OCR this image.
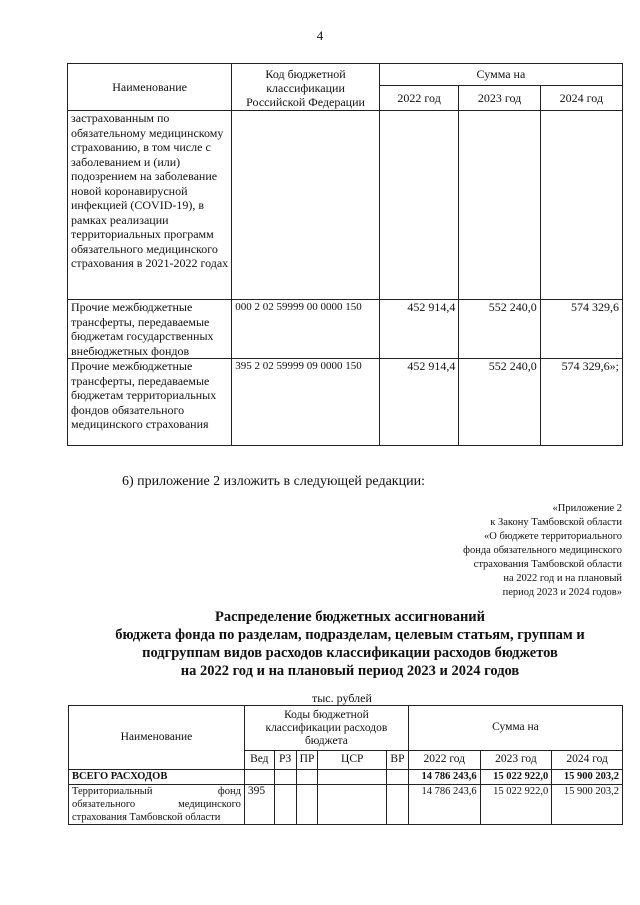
4
Наименование	Код бюджетной классификации Российской Федерации	Сумма на		
		2022 год	2023 год	2024 год
застрахованным по обязательному медицинскому страхованию, в том числе с заболеванием и (или) подозрением на заболевание новой коронавирусной инфекцией (COVID-19), в рамках реализации территориальных программ обязательного медицинского страхования в 2021-2022 годах				
Прочие межбюджетные трансферты, передаваемые бюджетам государственных внебюджетных фондов	000 2 02 59999 00 0000 150	452 914,4	552 240,0	574 329,6
Прочие межбюджетные трансферты, передаваемые бюджетам территориальных фондов обязательного медицинского страхования	395 2 02 59999 09 0000 150	452 914,4	552 240,0	574 329,6»;
6) приложение 2 изложить в следующей редакции:
«Приложение 2
к Закону Тамбовской области
«О бюджете территориального
фонда обязательного медицинского
страхования Тамбовской области
на 2022 год и на плановый
период 2023 и 2024 годов»
Распределение бюджетных ассигнований
бюджета фонда по разделам, подразделам, целевым статьям, группам и
подгруппам видов расходов классификации расходов бюджетов
на 2022 год и на плановый период 2023 и 2024 годов
тыс. рублей
Наименование	Коды бюджетной классификации расходов бюджета					Сумма на		
	Вед	РЗ	ПР	ЦСР	ВР	2022 год	2023 год	2024 год
ВСЕГО РАСХОДОВ						14 786 243,6	15 022 922,0	15 900 203,2
Территориальный фонд обязательного медицинского страхования Тамбовской области	395					14 786 243,6	15 022 922,0	15 900 203,2
